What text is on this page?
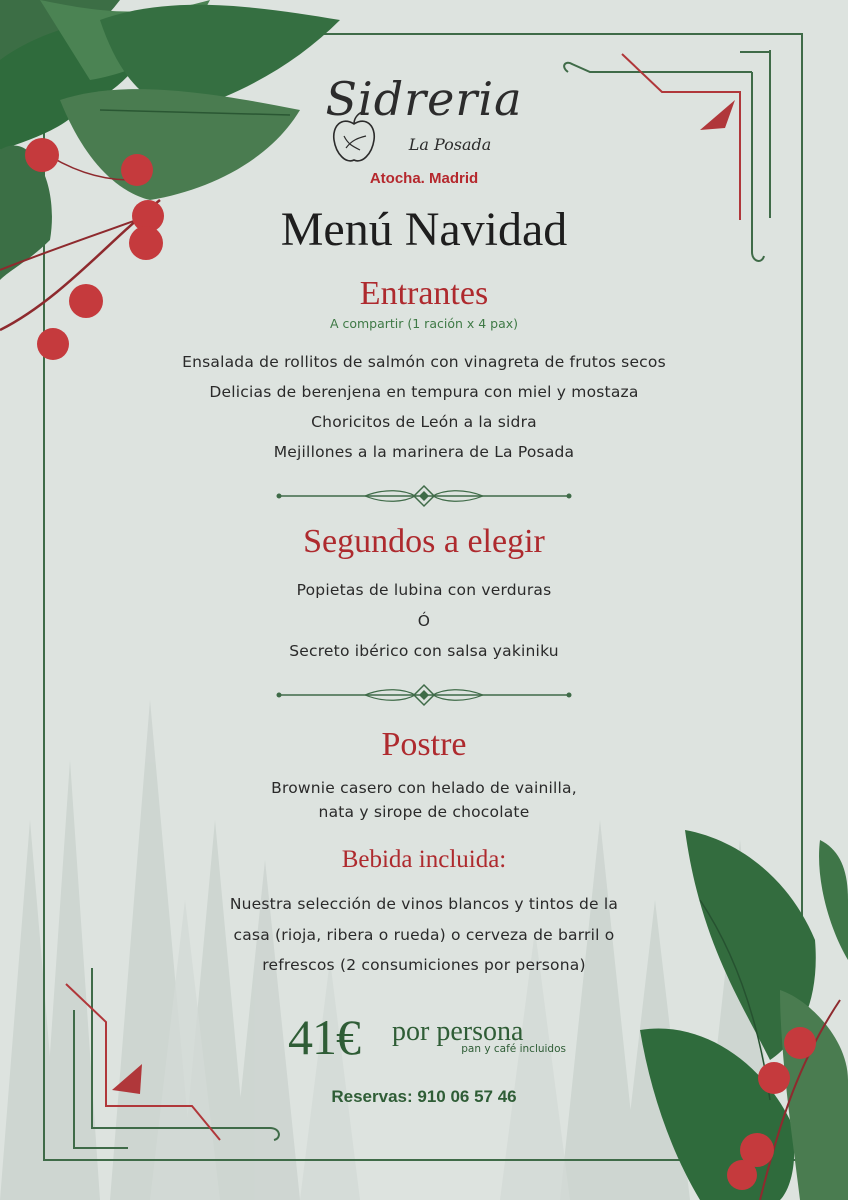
Sidreria
La Posada
Atocha. Madrid
Menú Navidad
Entrantes
A compartir (1 ración x 4 pax)
Ensalada de rollitos de salmón con vinagreta de frutos secos
Delicias de berenjena en tempura con miel y mostaza
Choricitos de León a la sidra
Mejillones a la marinera de La Posada
Segundos a elegir
Popietas de lubina con verduras
Ó
Secreto ibérico con salsa yakiniku
Postre
Brownie casero con helado de vainilla,
nata y sirope de chocolate
Bebida incluida:
Nuestra selección de vinos blancos y tintos de la
casa (rioja, ribera o rueda) o cerveza de barril o
refrescos (2 consumiciones por persona)
41€ por persona
pan y café incluidos
Reservas: 910 06 57 46
